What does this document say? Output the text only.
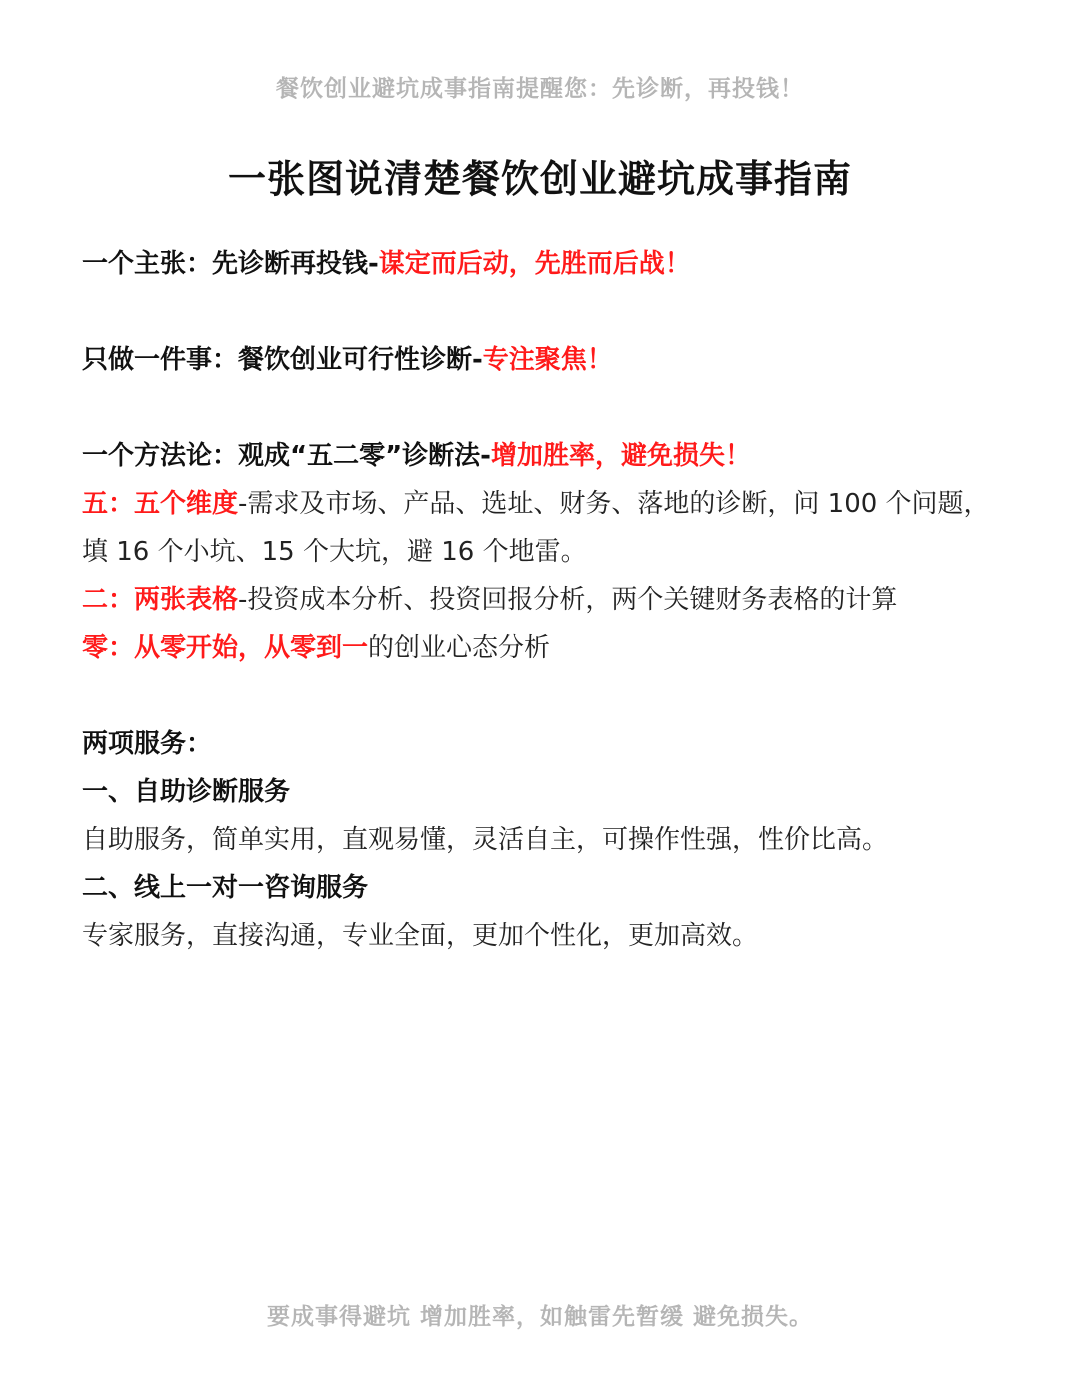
餐饮创业避坑成事指南提醒您：先诊断，再投钱！
一张图说清楚餐饮创业避坑成事指南

一个主张：先诊断再投钱-谋定而后动，先胜而后战！

只做一件事：餐饮创业可行性诊断-专注聚焦！

一个方法论：观成“五二零”诊断法-增加胜率，避免损失！

五：五个维度-需求及市场、产品、选址、财务、落地的诊断，问 100 个问题，填 16 个小坑、15 个大坑，避 16 个地雷。

二：两张表格-投资成本分析、投资回报分析，两个关键财务表格的计算

零：从零开始，从零到一的创业心态分析

两项服务：

一、自助诊断服务

自助服务，简单实用，直观易懂，灵活自主，可操作性强，性价比高。

二、线上一对一咨询服务

专家服务，直接沟通，专业全面，更加个性化，更加高效。

要成事得避坑 增加胜率，如触雷先暂缓 避免损失。
